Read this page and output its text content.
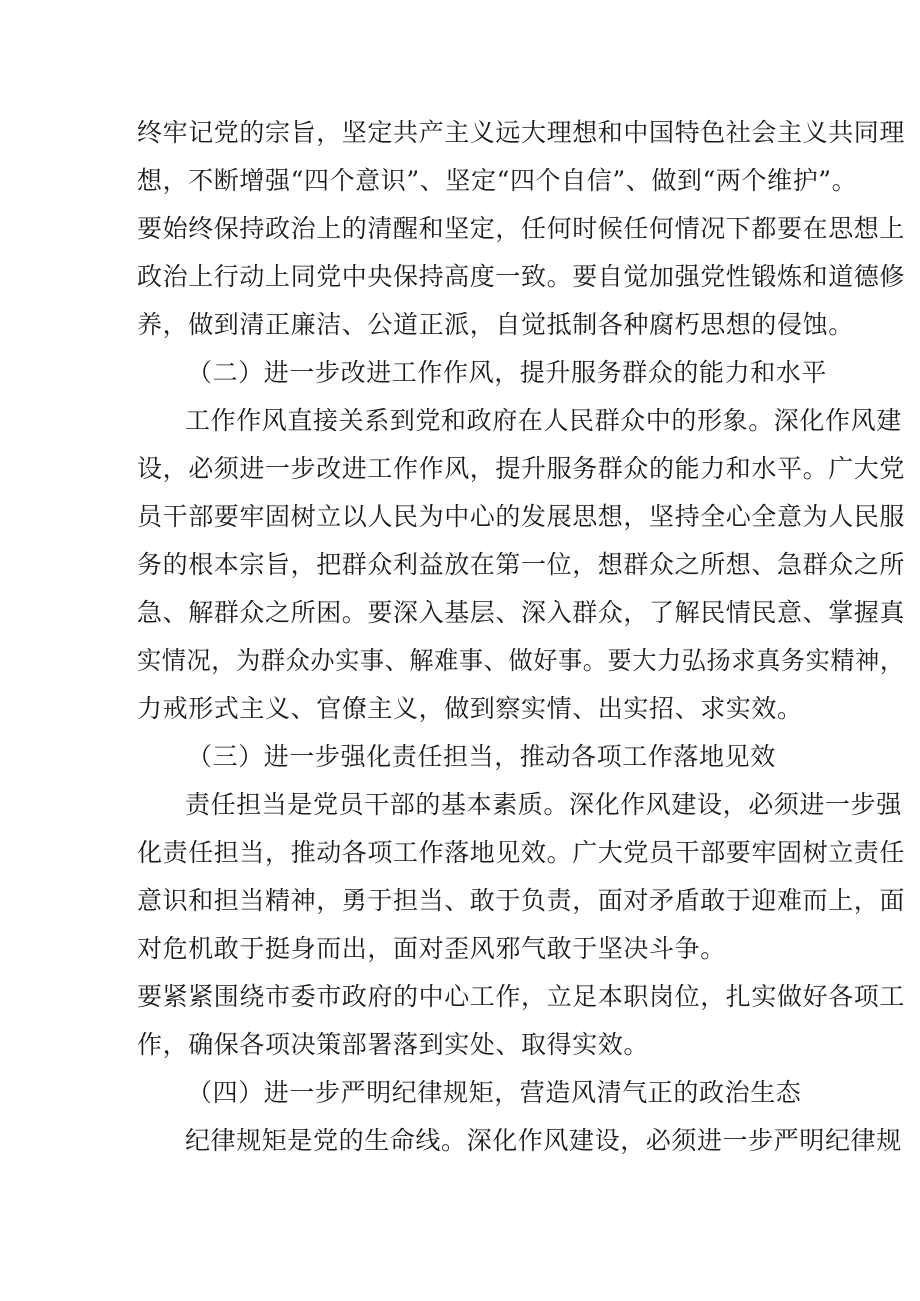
终牢记党的宗旨，坚定共产主义远大理想和中国特色社会主义共同理
想，不断增强“四个意识”、坚定“四个自信”、做到“两个维护”。
要始终保持政治上的清醒和坚定，任何时候任何情况下都要在思想上
政治上行动上同党中央保持高度一致。要自觉加强党性锻炼和道德修
养，做到清正廉洁、公道正派，自觉抵制各种腐朽思想的侵蚀。
（二）进一步改进工作作风，提升服务群众的能力和水平
工作作风直接关系到党和政府在人民群众中的形象。深化作风建
设，必须进一步改进工作作风，提升服务群众的能力和水平。广大党
员干部要牢固树立以人民为中心的发展思想，坚持全心全意为人民服
务的根本宗旨，把群众利益放在第一位，想群众之所想、急群众之所
急、解群众之所困。要深入基层、深入群众，了解民情民意、掌握真
实情况，为群众办实事、解难事、做好事。要大力弘扬求真务实精神，
力戒形式主义、官僚主义，做到察实情、出实招、求实效。
（三）进一步强化责任担当，推动各项工作落地见效
责任担当是党员干部的基本素质。深化作风建设，必须进一步强
化责任担当，推动各项工作落地见效。广大党员干部要牢固树立责任
意识和担当精神，勇于担当、敢于负责，面对矛盾敢于迎难而上，面
对危机敢于挺身而出，面对歪风邪气敢于坚决斗争。
要紧紧围绕市委市政府的中心工作，立足本职岗位，扎实做好各项工
作，确保各项决策部署落到实处、取得实效。
（四）进一步严明纪律规矩，营造风清气正的政治生态
纪律规矩是党的生命线。深化作风建设，必须进一步严明纪律规
